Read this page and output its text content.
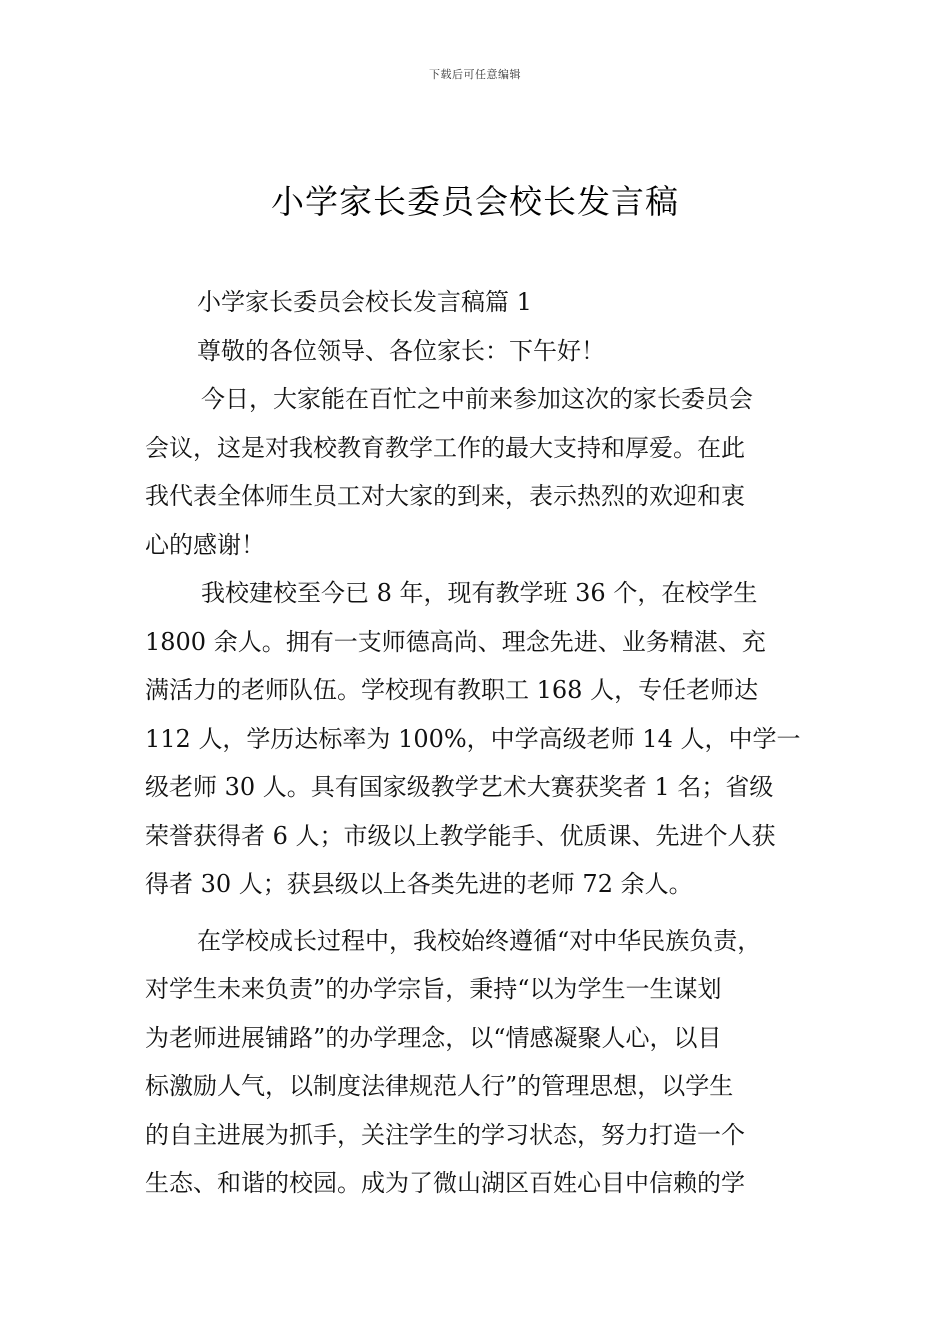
下载后可任意编辑
小学家长委员会校长发言稿
小学家长委员会校长发言稿篇 1
尊敬的各位领导、各位家长：下午好！
今日，大家能在百忙之中前来参加这次的家长委员会
会议，这是对我校教育教学工作的最大支持和厚爱。在此
我代表全体师生员工对大家的到来，表示热烈的欢迎和衷
心的感谢！
我校建校至今已 8 年，现有教学班 36 个，在校学生
1800 余人。拥有一支师德高尚、理念先进、业务精湛、充
满活力的老师队伍。学校现有教职工 168 人，专任老师达
112 人，学历达标率为 100%，中学高级老师 14 人，中学一
级老师 30 人。具有国家级教学艺术大赛获奖者 1 名；省级
荣誉获得者 6 人；市级以上教学能手、优质课、先进个人获
得者 30 人；获县级以上各类先进的老师 72 余人。
在学校成长过程中，我校始终遵循“对中华民族负责，
对学生未来负责”的办学宗旨，秉持“以为学生一生谋划
为老师进展铺路”的办学理念，以“情感凝聚人心，以目
标激励人气，以制度法律规范人行”的管理思想，以学生
的自主进展为抓手，关注学生的学习状态，努力打造一个
生态、和谐的校园。成为了微山湖区百姓心目中信赖的学
